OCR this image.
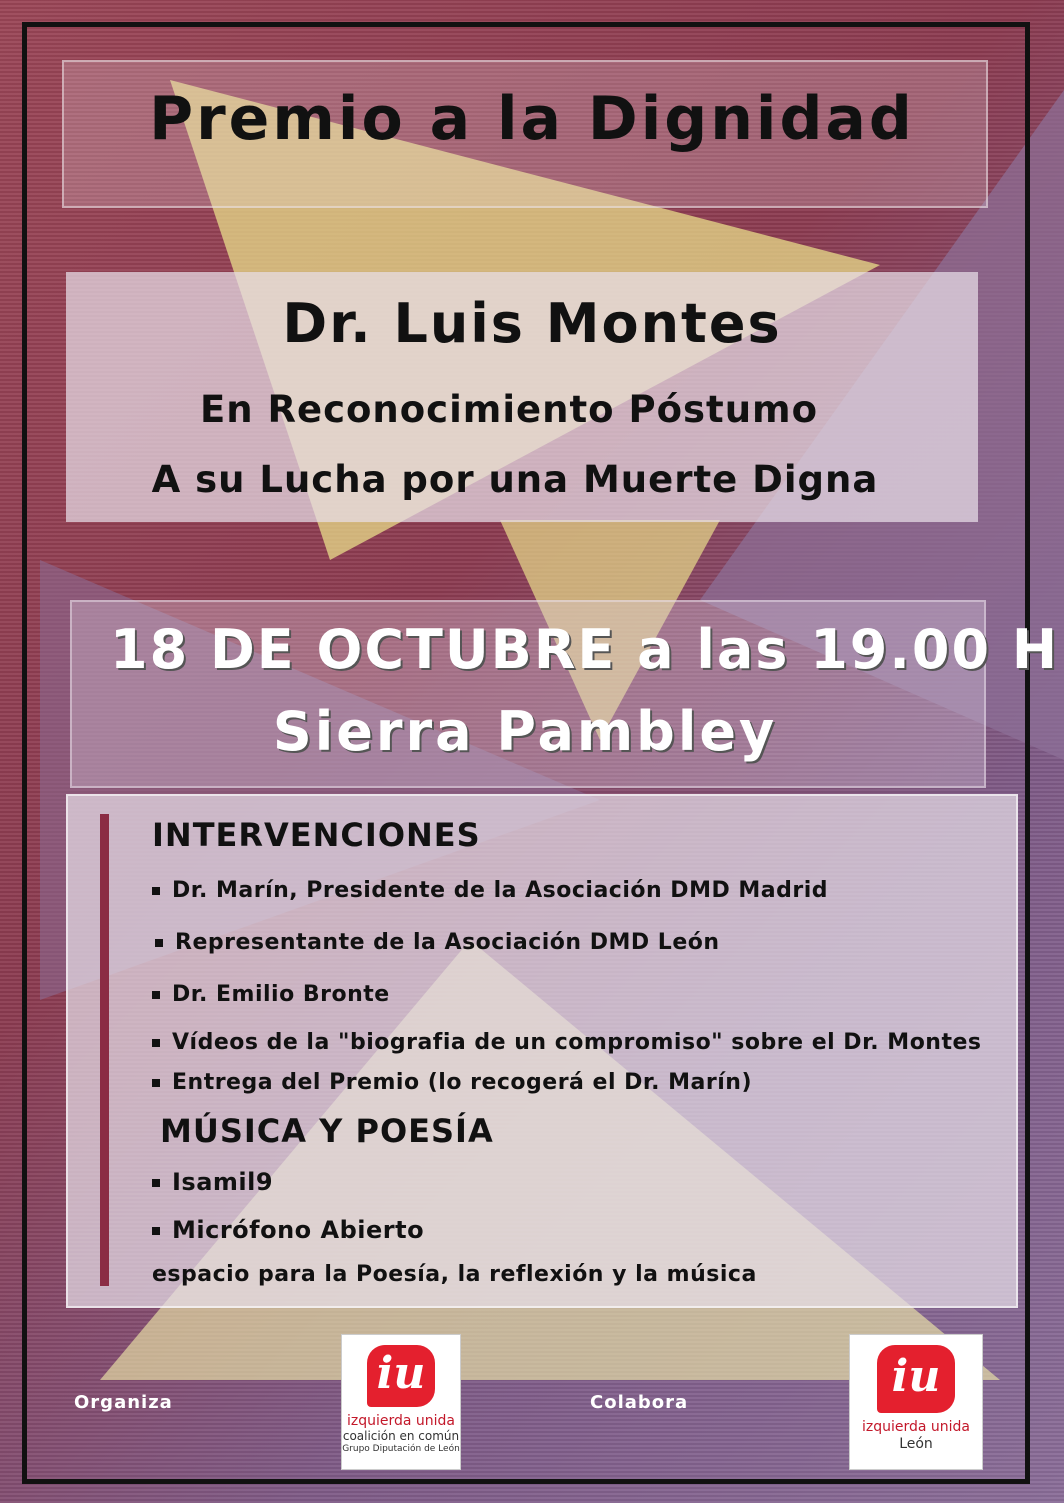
Premio a la Dignidad
Dr. Luis Montes
En Reconocimiento Póstumo
A su Lucha por una Muerte Digna
18 DE OCTUBRE a las 19.00 H
Sierra Pambley
INTERVENCIONES
Dr. Marín, Presidente de la Asociación DMD Madrid
Representante de la Asociación DMD León
Dr. Emilio Bronte
Vídeos de la "biografia de un compromiso" sobre el Dr. Montes
Entrega del Premio (lo recogerá el Dr. Marín)
MÚSICA Y POESÍA
Isamil9
Micrófono Abierto
espacio para la Poesía, la reflexión y la música
Organiza	Colabora
iu
izquierda unida
coalición en común
Grupo Diputación de León
iu
izquierda unida
León
